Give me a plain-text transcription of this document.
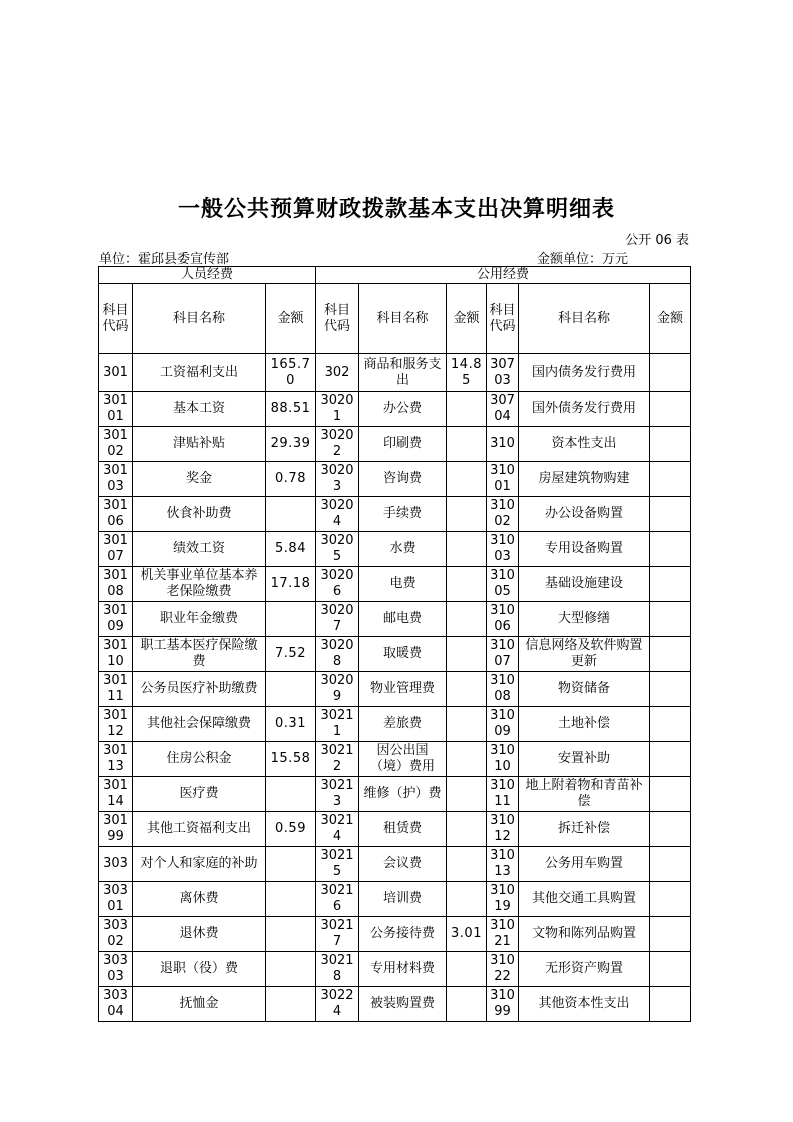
一般公共预算财政拨款基本支出决算明细表
公开 06 表
单位：霍邱县委宣传部	金额单位：万元
人员经费			公用经费					
科目代码	科目名称	金额	科目代码	科目名称	金额	科目代码	科目名称	金额
301	工资福利支出	165.70	302	商品和服务支出	14.85	30703	国内债务发行费用	
30101	基本工资	88.51	30201	办公费		30704	国外债务发行费用	
30102	津贴补贴	29.39	30202	印刷费		310	资本性支出	
30103	奖金	0.78	30203	咨询费		31001	房屋建筑物购建	
30106	伙食补助费		30204	手续费		31002	办公设备购置	
30107	绩效工资	5.84	30205	水费		31003	专用设备购置	
30108	机关事业单位基本养老保险缴费	17.18	30206	电费		31005	基础设施建设	
30109	职业年金缴费		30207	邮电费		31006	大型修缮	
30110	职工基本医疗保险缴费	7.52	30208	取暖费		31007	信息网络及软件购置更新	
30111	公务员医疗补助缴费		30209	物业管理费		31008	物资储备	
30112	其他社会保障缴费	0.31	30211	差旅费		31009	土地补偿	
30113	住房公积金	15.58	30212	因公出国（境）费用		31010	安置补助	
30114	医疗费		30213	维修（护）费		31011	地上附着物和青苗补偿	
30199	其他工资福利支出	0.59	30214	租赁费		31012	拆迁补偿	
303	对个人和家庭的补助		30215	会议费		31013	公务用车购置	
30301	离休费		30216	培训费		31019	其他交通工具购置	
30302	退休费		30217	公务接待费	3.01	31021	文物和陈列品购置	
30303	退职（役）费		30218	专用材料费		31022	无形资产购置	
30304	抚恤金		30224	被装购置费		31099	其他资本性支出	
